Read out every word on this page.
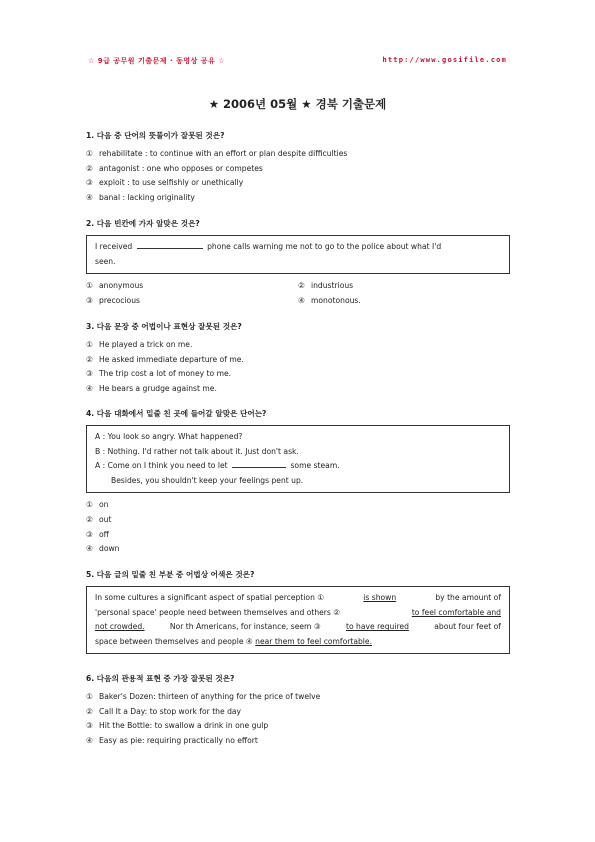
☆ 9급 공무원 기출문제 · 동영상 공유 ☆	http://www.gosifile.com
★ 2006년 05월 ★ 경북 기출문제
1. 다음 중 단어의 뜻풀이가 잘못된 것은?
① rehabilitate : to continue with an effort or plan despite difficulties
② antagonist : one who opposes or competes
③ exploit : to use selfishly or unethically
④ banal : lacking originality
2. 다음 빈칸에 가자 알맞은 것은?
I received	phone calls warning me not to go to the police about what I'd
seen.
① anonymous	② industrious
③ precocious	④ monotonous.
3. 다음 문장 중 어법이나 표현상 잘못된 것은?
① He played a trick on me.
② He asked immediate departure of me.
③ The trip cost a lot of money to me.
④ He bears a grudge against me.
4. 다음 대화에서 밑줄 친 곳에 들어갈 알맞은 단어는?
A : You look so angry. What happened?
B : Nothing. I'd rather not talk about it. Just don't ask.
A : Come on I think you need to let	some steam.
Besides, you shouldn't keep your feelings pent up.
① on
② out
③ off
④ down
5. 다음 글의 밑줄 친 부분 중 어법상 어색은 것은?
In some cultures a significant aspect of spatial perception ①	is shown	by the amount of
'personal space' people need between themselves and others ②	to feel comfortable and
not crowded.	Nor th Americans, for instance, seem ③	to have required	about four feet of
space between themselves and people ④ near them to feel comfortable.
6. 다음의 관용적 표현 중 가장 잘못된 것은?
① Baker's Dozen: thirteen of anything for the price of twelve
② Call It a Day: to stop work for the day
③ Hit the Bottle: to swallow a drink in one gulp
④ Easy as pie: requiring practically no effort
